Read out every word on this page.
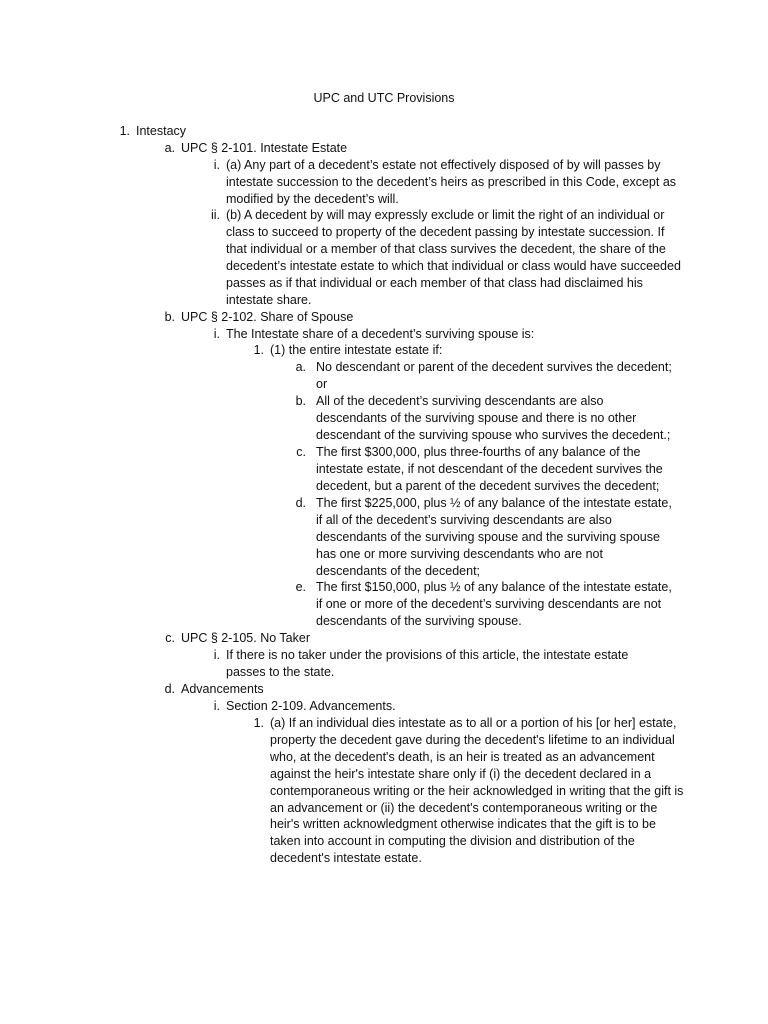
UPC and UTC Provisions
1. Intestacy
a. UPC § 2-101. Intestate Estate
i. (a) Any part of a decedent’s estate not effectively disposed of by will passes by intestate succession to the decedent’s heirs as prescribed in this Code, except as modified by the decedent’s will.
ii. (b) A decedent by will may expressly exclude or limit the right of an individual or class to succeed to property of the decedent passing by intestate succession. If that individual or a member of that class survives the decedent, the share of the decedent’s intestate estate to which that individual or class would have succeeded passes as if that individual or each member of that class had disclaimed his intestate share.
b. UPC § 2-102. Share of Spouse
i. The Intestate share of a decedent’s surviving spouse is:
1. (1) the entire intestate estate if:
a. No descendant or parent of the decedent survives the decedent; or
b. All of the decedent’s surviving descendants are also descendants of the surviving spouse and there is no other descendant of the surviving spouse who survives the decedent.;
c. The first $300,000, plus three-fourths of any balance of the intestate estate, if not descendant of the decedent survives the decedent, but a parent of the decedent survives the decedent;
d. The first $225,000, plus ½ of any balance of the intestate estate, if all of the decedent’s surviving descendants are also descendants of the surviving spouse and the surviving spouse has one or more surviving descendants who are not descendants of the decedent;
e. The first $150,000, plus ½ of any balance of the intestate estate, if one or more of the decedent’s surviving descendants are not descendants of the surviving spouse.
c. UPC § 2-105. No Taker
i. If there is no taker under the provisions of this article, the intestate estate passes to the state.
d. Advancements
i. Section 2-109. Advancements.
1. (a) If an individual dies intestate as to all or a portion of his [or her] estate, property the decedent gave during the decedent's lifetime to an individual who, at the decedent's death, is an heir is treated as an advancement against the heir's intestate share only if (i) the decedent declared in a contemporaneous writing or the heir acknowledged in writing that the gift is an advancement or (ii) the decedent's contemporaneous writing or the heir's written acknowledgment otherwise indicates that the gift is to be taken into account in computing the division and distribution of the decedent's intestate estate.
